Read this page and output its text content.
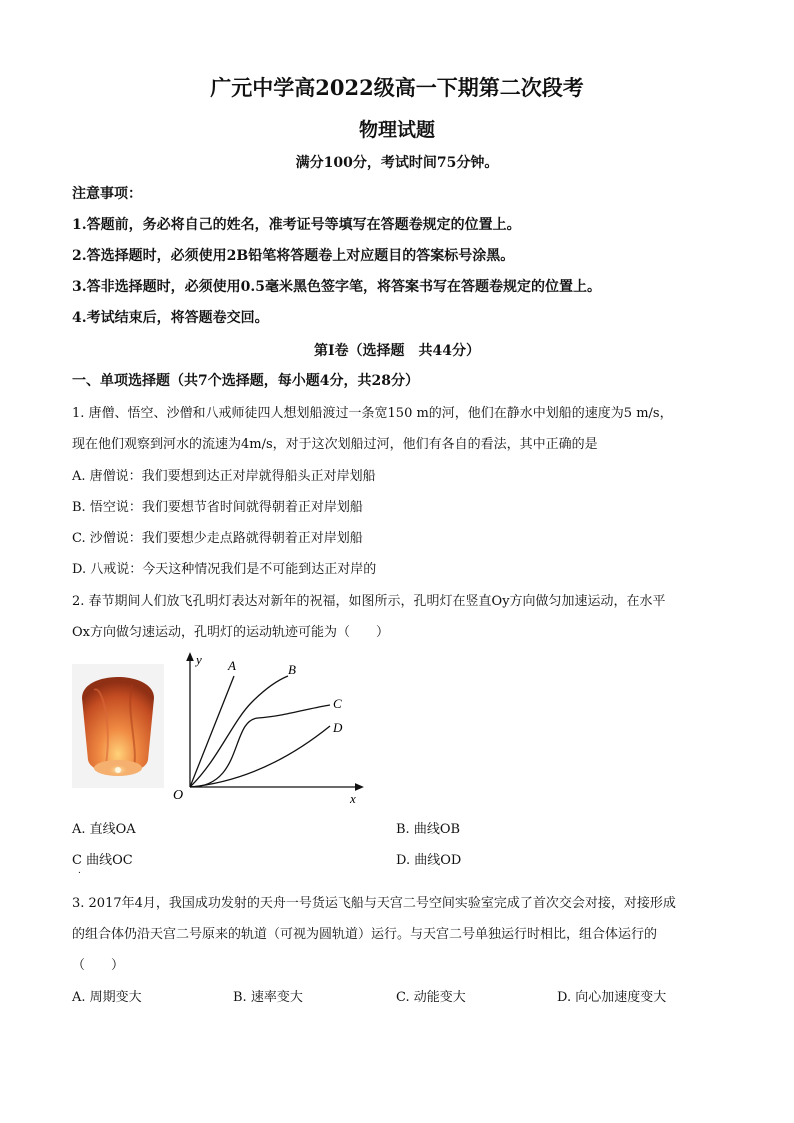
广元中学高2022级高一下期第二次段考
物理试题
满分100分，考试时间75分钟。
注意事项：
1.答题前，务必将自己的姓名，准考证号等填写在答题卷规定的位置上。
2.答选择题时，必须使用2B铅笔将答题卷上对应题目的答案标号涂黑。
3.答非选择题时，必须使用0.5毫米黑色签字笔，将答案书写在答题卷规定的位置上。
4.考试结束后，将答题卷交回。
第Ⅰ卷（选择题　共44分）
一、单项选择题（共7个选择题，每小题4分，共28分）
1. 唐僧、悟空、沙僧和八戒师徒四人想划船渡过一条宽150 m的河，他们在静水中划船的速度为5 m/s，
现在他们观察到河水的流速为4m/s，对于这次划船过河，他们有各自的看法，其中正确的是
A. 唐僧说：我们要想到达正对岸就得船头正对岸划船
B. 悟空说：我们要想节省时间就得朝着正对岸划船
C. 沙僧说：我们要想少走点路就得朝着正对岸划船
D. 八戒说：今天这种情况我们是不可能到达正对岸的
2. 春节期间人们放飞孔明灯表达对新年的祝福，如图所示，孔明灯在竖直Oy方向做匀加速运动，在水平
Ox方向做匀速运动，孔明灯的运动轨迹可能为（　　）
y
x
O
A	B
C
D
A. 直线OA	B. 曲线OB
C 曲线OC	D. 曲线OD
.
3. 2017年4月，我国成功发射的天舟一号货运飞船与天宫二号空间实验室完成了首次交会对接，对接形成
的组合体仍沿天宫二号原来的轨道（可视为圆轨道）运行。与天宫二号单独运行时相比，组合体运行的
（　　）
A. 周期变大	B. 速率变大	C. 动能变大	D. 向心加速度变大
